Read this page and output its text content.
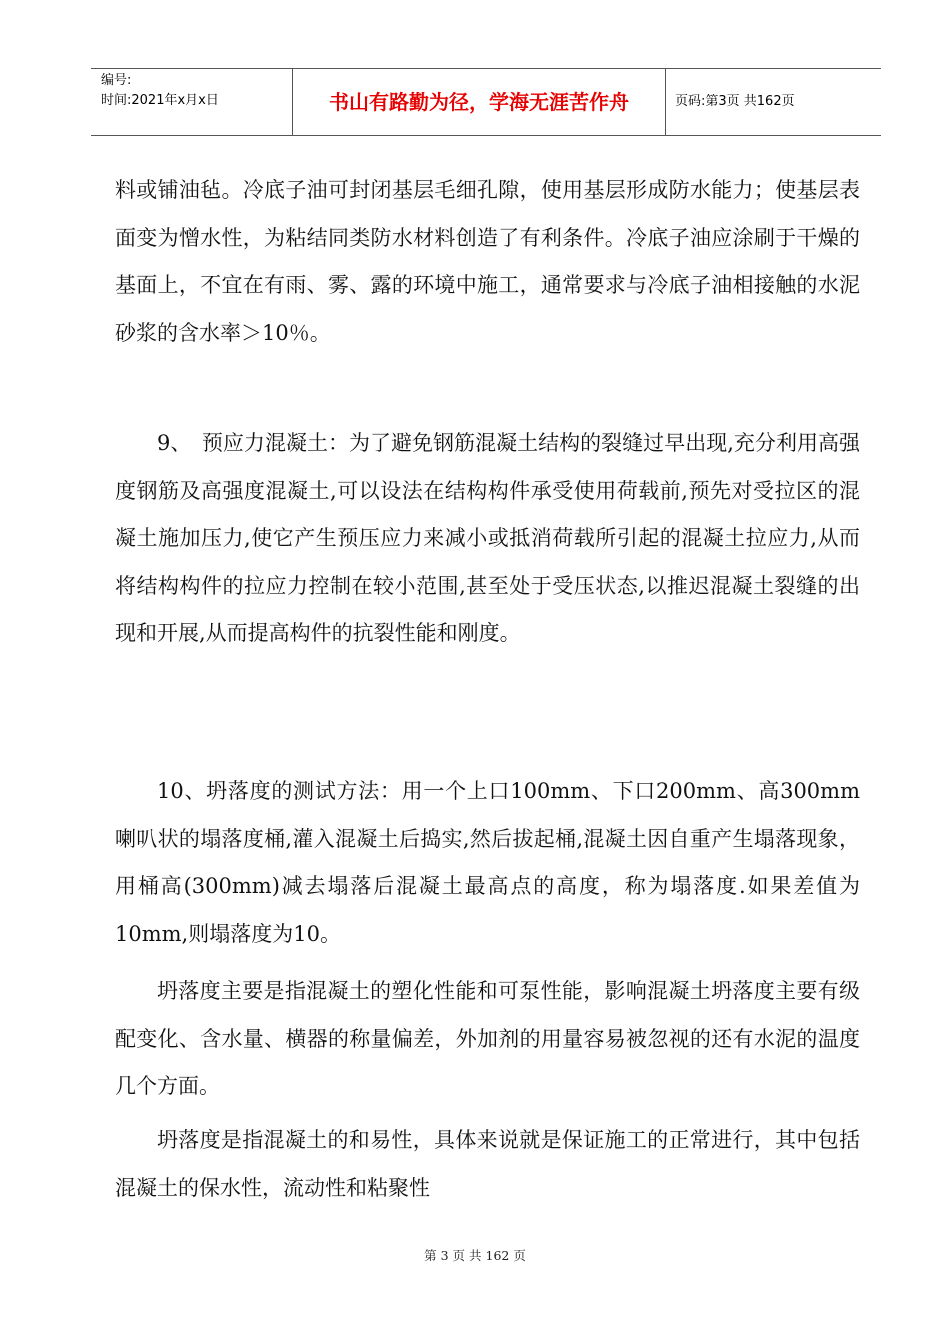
编号:
时间:2021年x月x日	书山有路勤为径，学海无涯苦作舟	页码:第3页 共162页

料或铺油毡。冷底子油可封闭基层毛细孔隙，使用基层形成防水能力；使基层表面变为憎水性，为粘结同类防水材料创造了有利条件。冷底子油应涂刷于干燥的基面上，不宜在有雨、雾、露的环境中施工，通常要求与冷底子油相接触的水泥砂浆的含水率＞10％。

9、　预应力混凝土：为了避免钢筋混凝土结构的裂缝过早出现,充分利用高强度钢筋及高强度混凝土,可以设法在结构构件承受使用荷载前,预先对受拉区的混凝土施加压力,使它产生预压应力来减小或抵消荷载所引起的混凝土拉应力,从而将结构构件的拉应力控制在较小范围,甚至处于受压状态,以推迟混凝土裂缝的出现和开展,从而提高构件的抗裂性能和刚度。

10、坍落度的测试方法：用一个上口100mm、下口200mm、高300mm喇叭状的塌落度桶,灌入混凝土后捣实,然后拔起桶,混凝土因自重产生塌落现象，用桶高(300mm)减去塌落后混凝土最高点的高度，称为塌落度.如果差值为10mm,则塌落度为10。

坍落度主要是指混凝土的塑化性能和可泵性能，影响混凝土坍落度主要有级配变化、含水量、横器的称量偏差，外加剂的用量容易被忽视的还有水泥的温度几个方面。

坍落度是指混凝土的和易性，具体来说就是保证施工的正常进行，其中包括混凝土的保水性，流动性和粘聚性

第 3 页 共 162 页
